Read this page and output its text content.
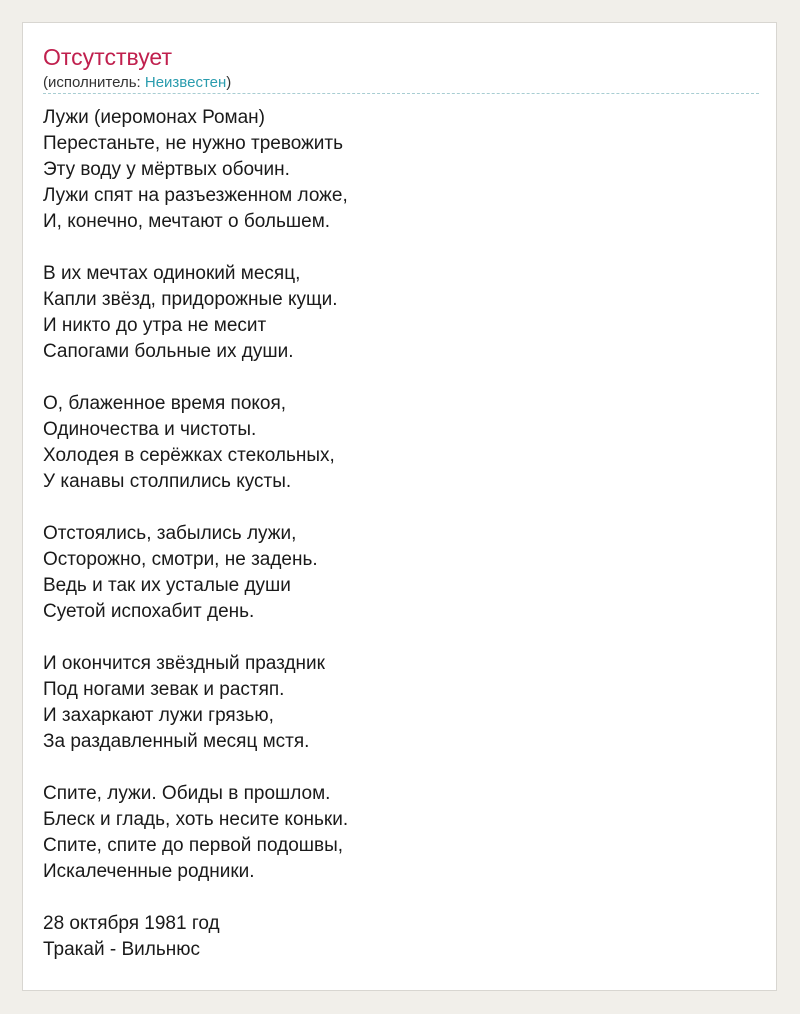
Отсутствует
(исполнитель: Неизвестен)
Лужи (иеромонах Роман)
Перестаньте, не нужно тревожить
Эту воду у мёртвых обочин.
Лужи спят на разъезженном ложе,
И, конечно, мечтают о большем.
В их мечтах одинокий месяц,
Капли звёзд, придорожные кущи.
И никто до утра не месит
Сапогами больные их души.
О, блаженное время покоя,
Одиночества и чистоты.
Холодея в серёжках стекольных,
У канавы столпились кусты.
Отстоялись, забылись лужи,
Осторожно, смотри, не задень.
Ведь и так их усталые души
Суетой испохабит день.
И окончится звёздный праздник
Под ногами зевак и растяп.
И захаркают лужи грязью,
За раздавленный месяц мстя.
Спите, лужи. Обиды в прошлом.
Блеск и гладь, хоть несите коньки.
Спите, спите до первой подошвы,
Искалеченные родники.
28 октября 1981 год
Тракай - Вильнюс
